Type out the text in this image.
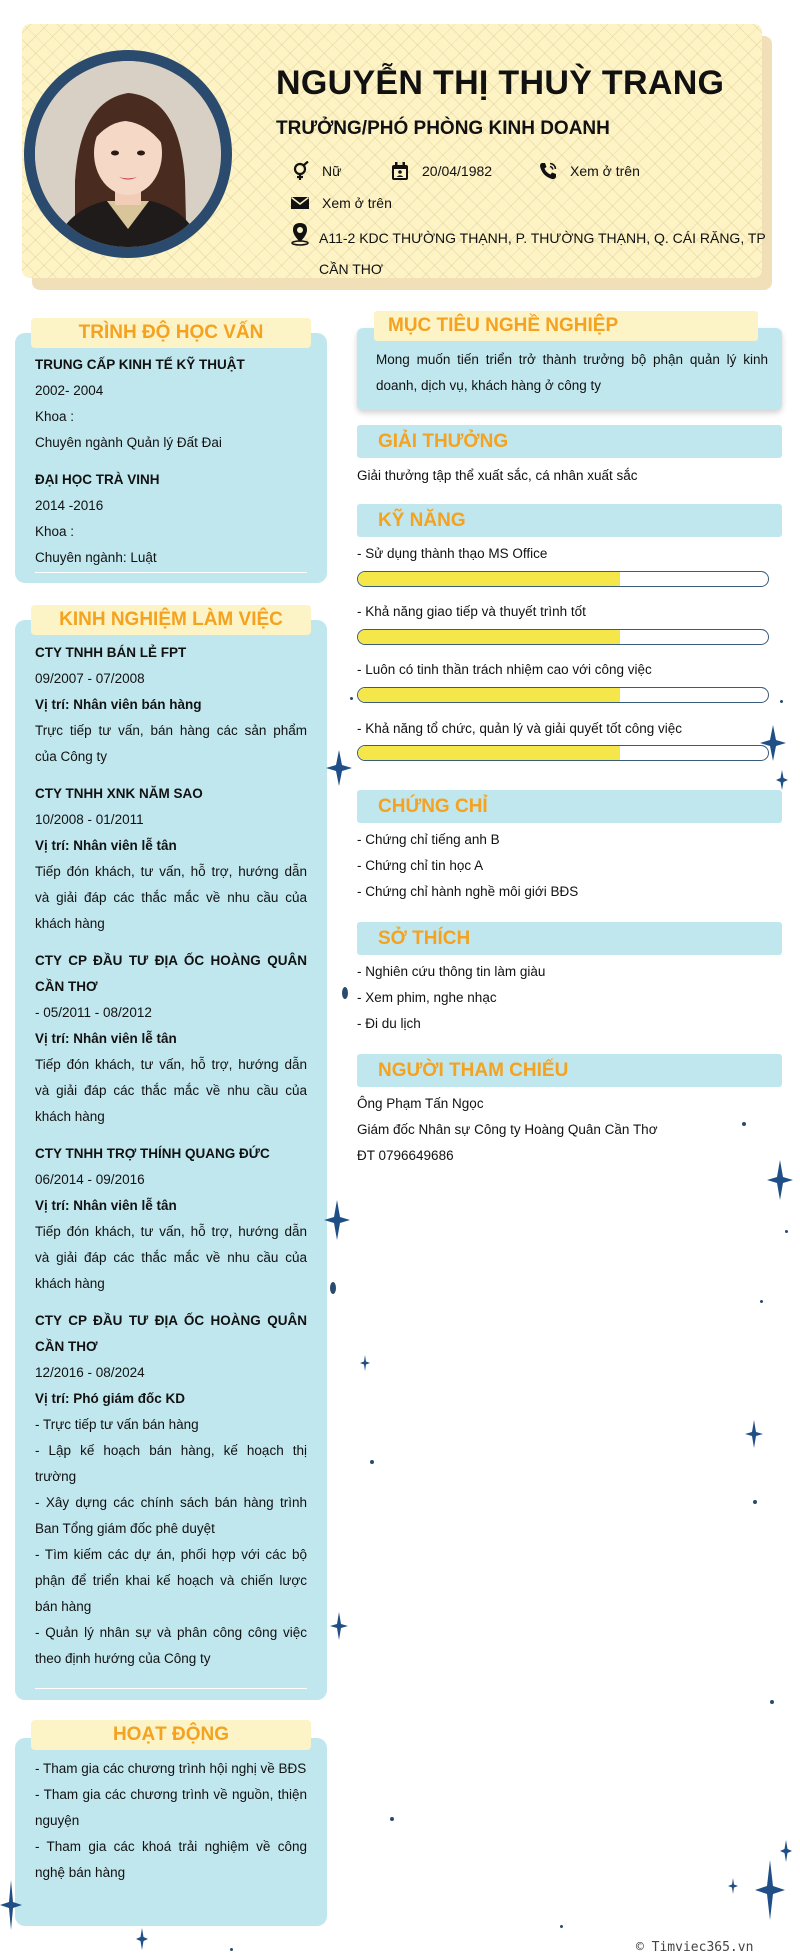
NGUYỄN THỊ THUỲ TRANG
TRƯỞNG/PHÓ PHÒNG KINH DOANH
Nữ	20/04/1982	Xem ở trên
Xem ở trên
A11-2 KDC THƯỜNG THẠNH, P. THƯỜNG THẠNH, Q. CÁI RĂNG, TP CẦN THƠ
TRÌNH ĐỘ HỌC VẤN
TRUNG CẤP KINH TẾ KỸ THUẬT
2002- 2004
Khoa :
Chuyên ngành Quản lý Đất Đai
ĐẠI HỌC TRÀ VINH
2014 -2016
Khoa :
Chuyên ngành: Luật
KINH NGHIỆM LÀM VIỆC
CTY TNHH BÁN LẺ FPT
09/2007 - 07/2008
Vị trí: Nhân viên bán hàng
Trực tiếp tư vấn, bán hàng các sản phẩm của Công ty
CTY TNHH XNK NĂM SAO
10/2008 - 01/2011
Vị trí: Nhân viên lễ tân
Tiếp đón khách, tư vấn, hỗ trợ, hướng dẫn và giải đáp các thắc mắc về nhu cầu của khách hàng
CTY CP ĐẦU TƯ ĐỊA ỐC HOÀNG QUÂN CẦN THƠ
- 05/2011 - 08/2012
Vị trí: Nhân viên lễ tân
Tiếp đón khách, tư vấn, hỗ trợ, hướng dẫn và giải đáp các thắc mắc về nhu cầu của khách hàng
CTY TNHH TRỢ THÍNH QUANG ĐỨC
06/2014 - 09/2016
Vị trí: Nhân viên lễ tân
Tiếp đón khách, tư vấn, hỗ trợ, hướng dẫn và giải đáp các thắc mắc về nhu cầu của khách hàng
CTY CP ĐẦU TƯ ĐỊA ỐC HOÀNG QUÂN CẦN THƠ
12/2016 - 08/2024
Vị trí: Phó giám đốc KD
- Trực tiếp tư vấn bán hàng
- Lập kế hoạch bán hàng, kế hoạch thị trường
- Xây dựng các chính sách bán hàng trình Ban Tổng giám đốc phê duyệt
- Tìm kiếm các dự án, phối hợp với các bộ phận để triển khai kế hoạch và chiến lược bán hàng
- Quản lý nhân sự và phân công công việc theo định hướng của Công ty
HOẠT ĐỘNG
- Tham gia các chương trình hội nghị về BĐS
- Tham gia các chương trình về nguồn, thiện nguyện
- Tham gia các khoá trải nghiệm về công nghệ bán hàng
MỤC TIÊU NGHỀ NGHIỆP
Mong muốn tiến triển trở thành trưởng bộ phận quản lý kinh doanh, dịch vụ, khách hàng ở công ty
GIẢI THƯỞNG
Giải thưởng tập thể xuất sắc, cá nhân xuất sắc
KỸ NĂNG
- Sử dụng thành thạo MS Office
- Khả năng giao tiếp và thuyết trình tốt
- Luôn có tinh thần trách nhiệm cao với công việc
- Khả năng tổ chức, quản lý và giải quyết tốt công việc
CHỨNG CHỈ
- Chứng chỉ tiếng anh B
- Chứng chỉ tin học A
- Chứng chỉ hành nghề môi giới BĐS
SỞ THÍCH
- Nghiên cứu thông tin làm giàu
- Xem phim, nghe nhạc
- Đi du lịch
NGƯỜI THAM CHIẾU
Ông Phạm Tấn Ngọc
Giám đốc Nhân sự Công ty Hoàng Quân Cần Thơ
ĐT 0796649686
© Timviec365.vn
